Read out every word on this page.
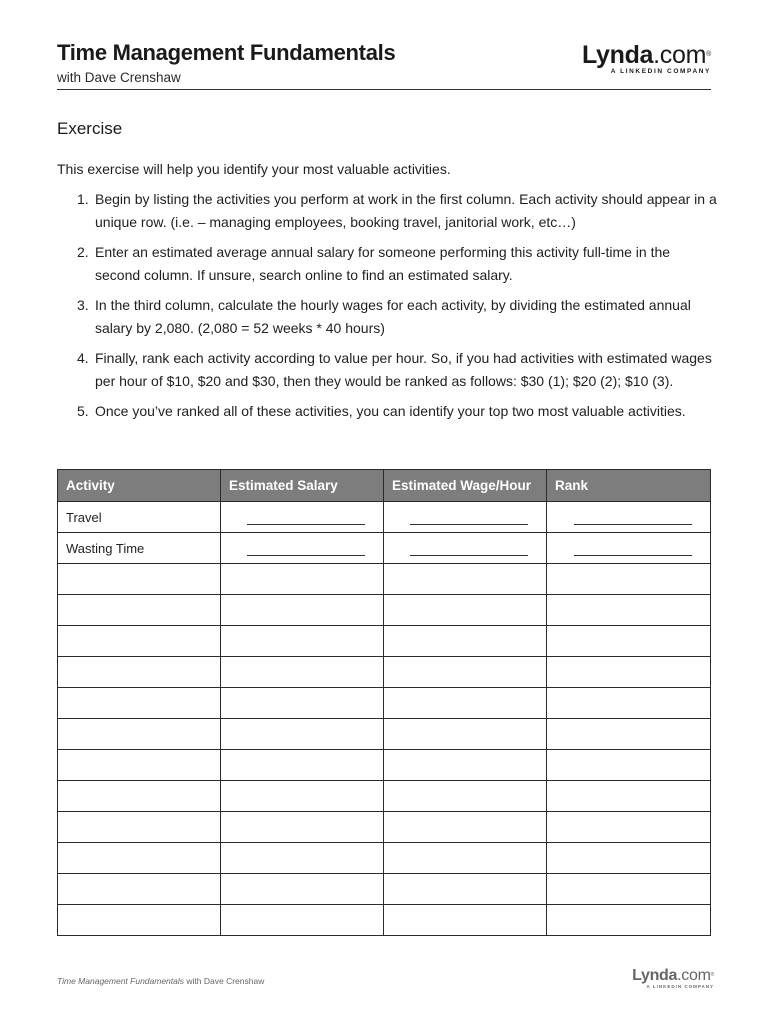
Time Management Fundamentals
with Dave Crenshaw
Lynda.com®
A LINKEDIN COMPANY
Exercise
This exercise will help you identify your most valuable activities.
1. Begin by listing the activities you perform at work in the first column. Each activity should appear in a unique row. (i.e. – managing employees, booking travel, janitorial work, etc…)
2. Enter an estimated average annual salary for someone performing this activity full-time in the second column. If unsure, search online to find an estimated salary.
3. In the third column, calculate the hourly wages for each activity, by dividing the estimated annual salary by 2,080. (2,080 = 52 weeks * 40 hours)
4. Finally, rank each activity according to value per hour. So, if you had activities with estimated wages per hour of $10, $20 and $30, then they would be ranked as follows: $30 (1); $20 (2); $10 (3).
5. Once you’ve ranked all of these activities, you can identify your top two most valuable activities.
Activity	Estimated Salary	Estimated Wage/Hour	Rank
Travel	

Wasting Time	

Time Management Fundamentals with Dave Crenshaw	Lynda.com®
A LINKEDIN COMPANY
